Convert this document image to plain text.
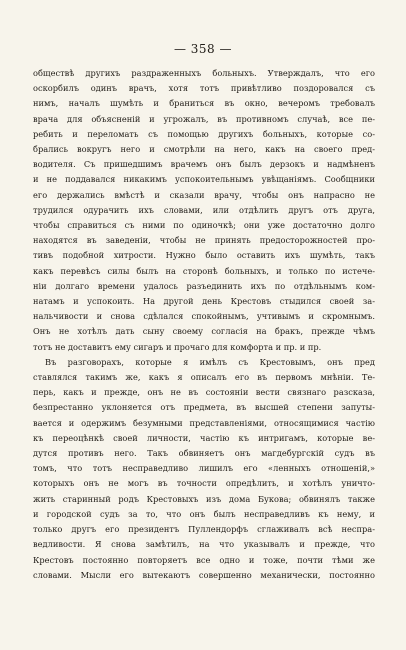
— 358 —
обществѣ другихъ раздраженныхъ больныхъ. Утверждалъ, что его
оскорбилъ одинъ врачъ, хотя тотъ привѣтливо поздоровался съ
нимъ, началъ шумѣть и браниться въ окно, вечеромъ требовалъ
врача для объясненій и угрожалъ, въ противномъ случаѣ, все пе-
ребить и переломать съ помощью другихъ больныхъ, которые со-
брались вокругъ него и смотрѣли на него, какъ на своего пред-
водителя. Съ пришедшимъ врачемъ онъ былъ дерзокъ и надмѣненъ
и не поддавался никакимъ успокоительнымъ увѣщаніямъ. Сообщники
его держались вмѣстѣ и сказали врачу, чтобы онъ напрасно не
трудился одурачить ихъ словами, или отдѣлить другъ отъ друга,
чтобы справиться съ ними по одиночкѣ; они уже достаточно долго
находятся въ заведеніи, чтобы не принять предосторожностей про-
тивъ подобной хитрости. Нужно было оставить ихъ шумѣть, такъ
какъ перевѣсъ силы былъ на сторонѣ больныхъ, и только по истече-
ніи долгаго времени удалось разъединить ихъ по отдѣльнымъ ком-
натамъ и успокоить. На другой день Крестовъ стыдился своей за-
нальчивости и снова сдѣлался спокойнымъ, учтивымъ и скромнымъ.
Онъ не хотѣлъ дать сыну своему согласія на бракъ, прежде чѣмъ
тотъ не доставитъ ему сигаръ и прочаго для комфорта и пр. и пр.
Въ разговорахъ, которые я имѣлъ съ Крестовымъ, онъ пред
ставлялся такимъ же, какъ я описалъ его въ первомъ мнѣніи. Те-
перь, какъ и прежде, онъ не въ состояніи вести связнаго разсказа,
безпрестанно уклоняется отъ предмета, въ высшей степени запуты-
вается и одержимъ безумными представленіями, относящимися частію
къ переоцѣнкѣ своей личности, частію къ интригамъ, которые ве-
дутся противъ него. Такъ обвиняетъ онъ магдебургскій судъ въ
томъ, что тотъ несправедливо лишилъ его «ленныхъ отношеній,»
которыхъ онъ не могъ въ точности опредѣлить, и хотѣлъ уничто-
жить старинный родъ Крестовыхъ изъ дома Букова; обвинялъ также
и городской судъ за то, что онъ былъ несправедливъ къ нему, и
только другъ его президентъ Пуллендорфъ сглаживалъ всѣ неспра-
ведливости. Я снова замѣтилъ, на что указывалъ и прежде, что
Крестовъ постоянно повторяетъ все одно и тоже, почти тѣми же
словами. Мысли его вытекаютъ совершенно механически, постоянно
